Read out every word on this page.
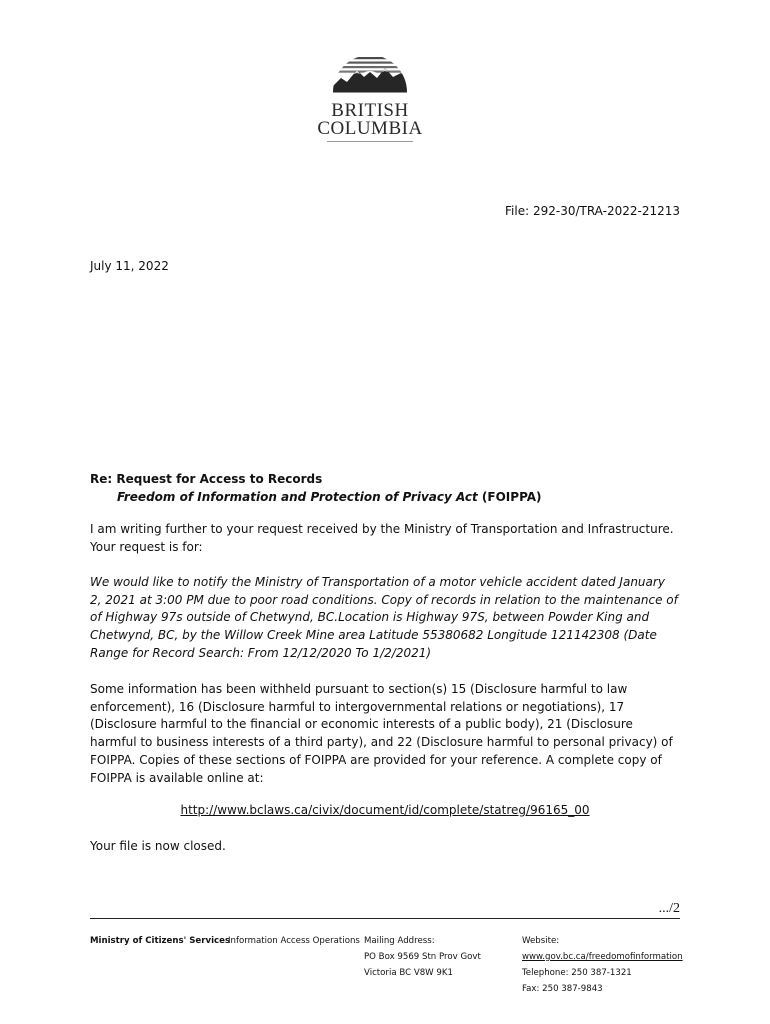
BRITISH
COLUMBIA
File: 292-30/TRA-2022-21213
July 11, 2022
Re: Request for Access to Records
Freedom of Information and Protection of Privacy Act (FOIPPA)
I am writing further to your request received by the Ministry of Transportation and Infrastructure. Your request is for:
We would like to notify the Ministry of Transportation of a motor vehicle accident dated January 2, 2021 at 3:00 PM due to poor road conditions. Copy of records in relation to the maintenance of of Highway 97s outside of Chetwynd, BC.Location is Highway 97S, between Powder King and Chetwynd, BC, by the Willow Creek Mine area Latitude 55380682 Longitude 121142308 (Date Range for Record Search: From 12/12/2020 To 1/2/2021)
Some information has been withheld pursuant to section(s) 15 (Disclosure harmful to law enforcement), 16 (Disclosure harmful to intergovernmental relations or negotiations), 17 (Disclosure harmful to the financial or economic interests of a public body), 21 (Disclosure harmful to business interests of a third party), and 22 (Disclosure harmful to personal privacy) of FOIPPA. Copies of these sections of FOIPPA are provided for your reference. A complete copy of FOIPPA is available online at:
http://www.bclaws.ca/civix/document/id/complete/statreg/96165_00
Your file is now closed.
.../2
Ministry of Citizens' Services
Information Access Operations Mailing Address:
PO Box 9569 Stn Prov Govt
Victoria BC V8W 9K1
Website:
www.gov.bc.ca/freedomofinformation
Telephone: 250 387-1321
Fax: 250 387-9843
